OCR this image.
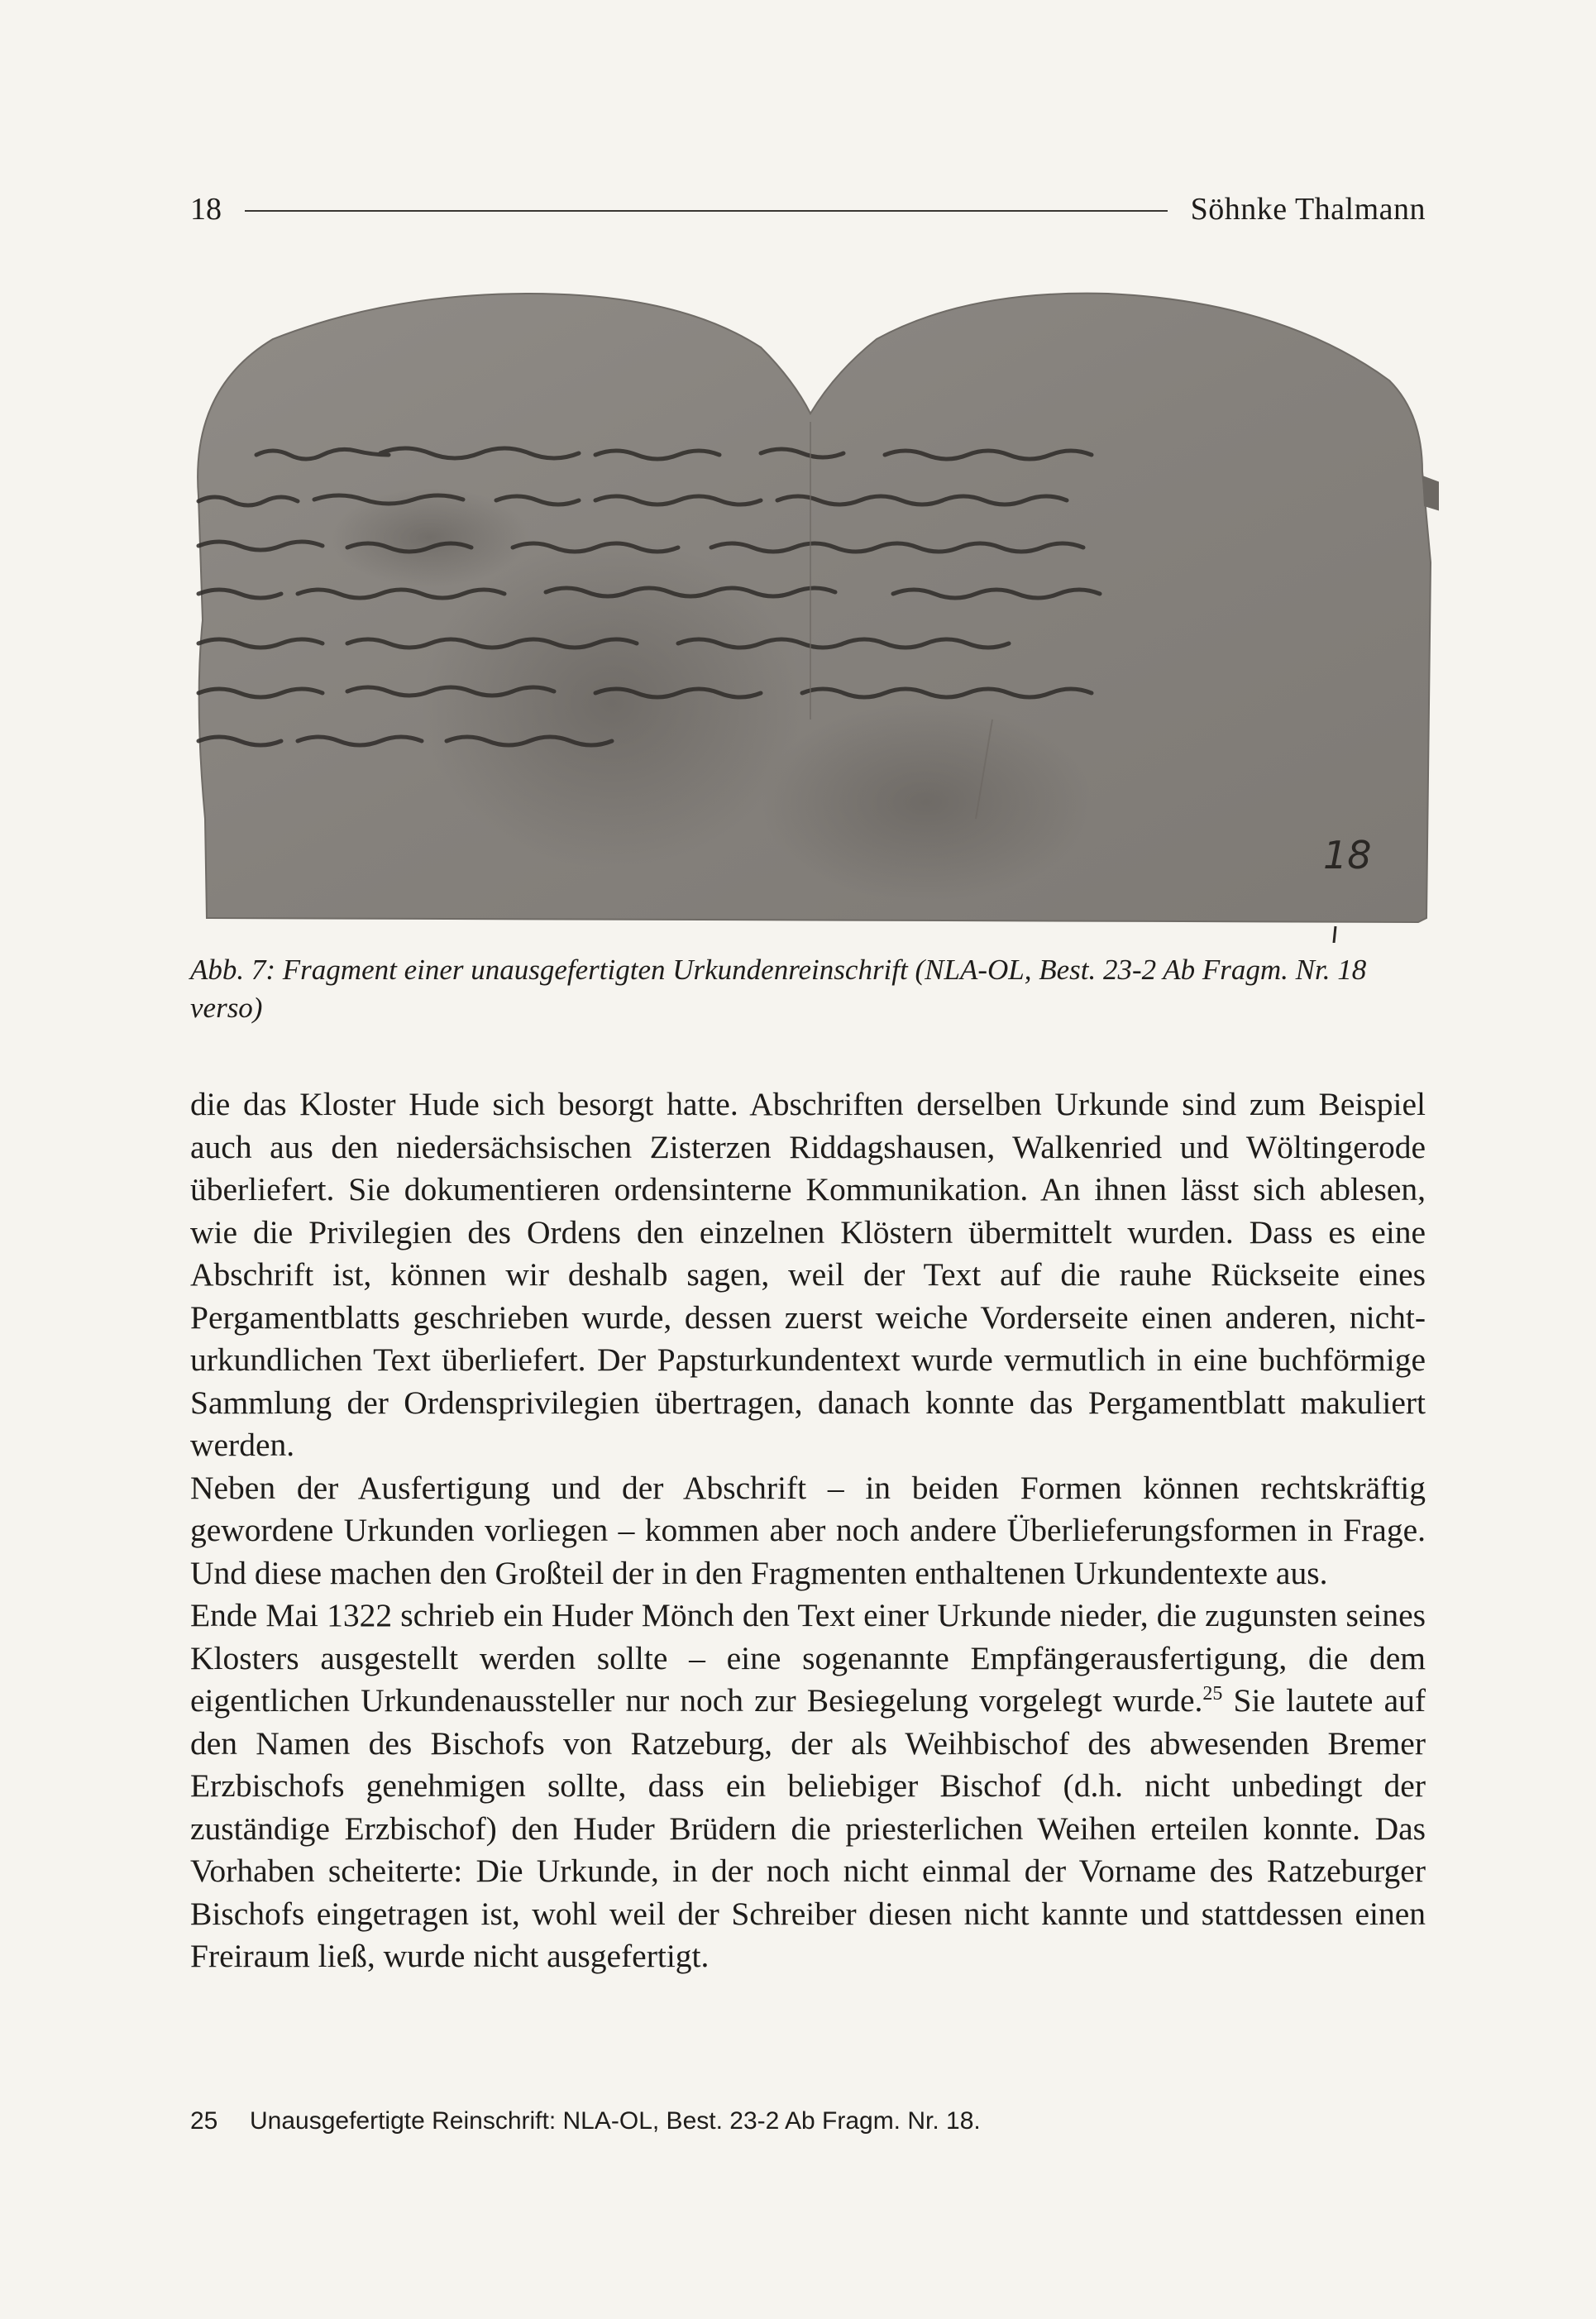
18	Söhnke Thalmann
18
Abb. 7: Fragment einer unausgefertigten Urkundenreinschrift (NLA-OL, Best. 23-2 Ab Fragm. Nr. 18 verso)

die das Kloster Hude sich besorgt hatte. Abschriften derselben Urkunde sind zum Beispiel auch aus den niedersächsischen Zisterzen Riddagshausen, Walkenried und Wöltingerode überliefert. Sie dokumentieren ordensinterne Kommunikation. An ihnen lässt sich ablesen, wie die Privilegien des Ordens den einzelnen Klöstern übermittelt wurden. Dass es eine Abschrift ist, können wir deshalb sagen, weil der Text auf die rauhe Rückseite eines Pergamentblatts geschrieben wurde, dessen zuerst weiche Vorderseite einen anderen, nicht-urkundlichen Text überliefert. Der Papsturkundentext wurde vermutlich in eine buchförmige Sammlung der Ordensprivilegien übertragen, danach konnte das Pergamentblatt makuliert werden.

Neben der Ausfertigung und der Abschrift – in beiden Formen können rechtskräftig gewordene Urkunden vorliegen – kommen aber noch andere Überlieferungsformen in Frage. Und diese machen den Großteil der in den Fragmenten enthaltenen Urkundentexte aus.

Ende Mai 1322 schrieb ein Huder Mönch den Text einer Urkunde nieder, die zugunsten seines Klosters ausgestellt werden sollte – eine sogenannte Empfängerausfertigung, die dem eigentlichen Urkundenaussteller nur noch zur Besiegelung vorgelegt wurde.$^{25}$ Sie lautete auf den Namen des Bischofs von Ratzeburg, der als Weihbischof des abwesenden Bremer Erzbischofs genehmigen sollte, dass ein beliebiger Bischof (d.h. nicht unbedingt der zuständige Erzbischof) den Huder Brüdern die priesterlichen Weihen erteilen konnte. Das Vorhaben scheiterte: Die Urkunde, in der noch nicht einmal der Vorname des Ratzeburger Bischofs eingetragen ist, wohl weil der Schreiber diesen nicht kannte und stattdessen einen Freiraum ließ, wurde nicht ausgefertigt.

25 Unausgefertigte Reinschrift: NLA-OL, Best. 23-2 Ab Fragm. Nr. 18.
